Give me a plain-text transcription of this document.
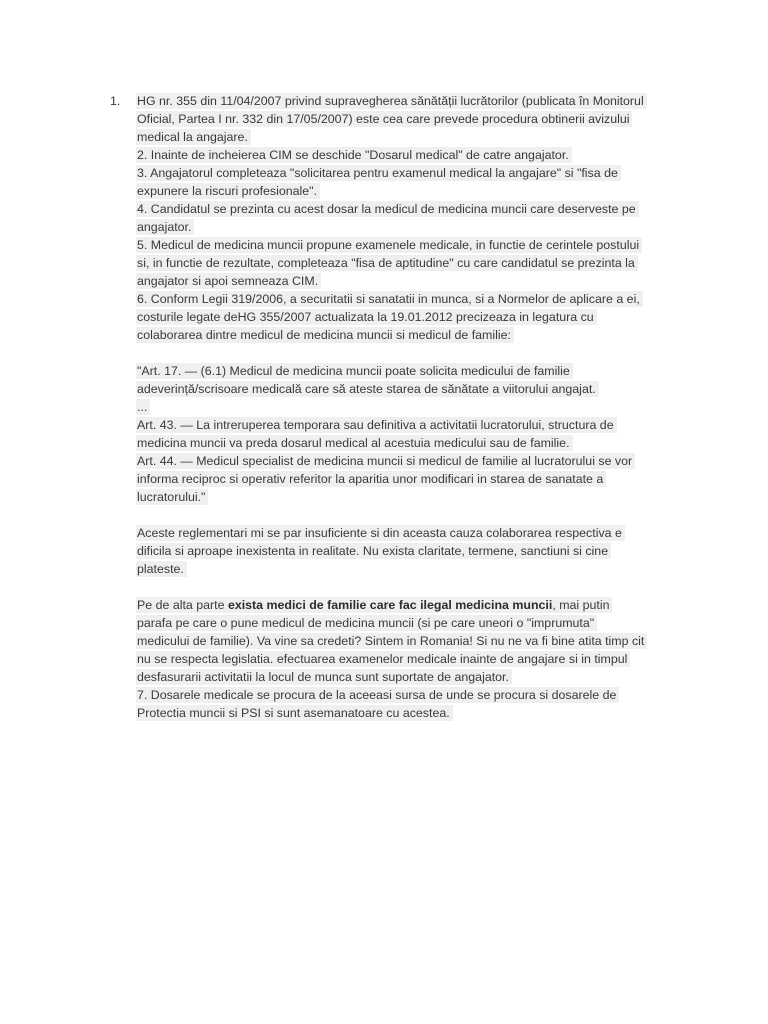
1. HG nr. 355 din 11/04/2007 privind supravegherea sănătății lucrătorilor (publicata în Monitorul
Oficial, Partea I nr. 332 din 17/05/2007) este cea care prevede procedura obtinerii avizului
medical la angajare.
2. Inainte de incheierea CIM se deschide "Dosarul medical" de catre angajator.
3. Angajatorul completeaza "solicitarea pentru examenul medical la angajare" si "fisa de
expunere la riscuri profesionale".
4. Candidatul se prezinta cu acest dosar la medicul de medicina muncii care deserveste pe
angajator.
5. Medicul de medicina muncii propune examenele medicale, in functie de cerintele postului
si, in functie de rezultate, completeaza "fisa de aptitudine" cu care candidatul se prezinta la
angajator si apoi semneaza CIM.
6. Conform Legii 319/2006, a securitatii si sanatatii in munca, si a Normelor de aplicare a ei,
costurile legate deHG 355/2007 actualizata la 19.01.2012 precizeaza in legatura cu
colaborarea dintre medicul de medicina muncii si medicul de familie:
"Art. 17. — (6.1) Medicul de medicina muncii poate solicita medicului de familie
adeverință/scrisoare medicală care să ateste starea de sănătate a viitorului angajat.
...
Art. 43. — La intreruperea temporara sau definitiva a activitatii lucratorului, structura de
medicina muncii va preda dosarul medical al acestuia medicului sau de familie.
Art. 44. — Medicul specialist de medicina muncii si medicul de familie al lucratorului se vor
informa reciproc si operativ referitor la aparitia unor modificari in starea de sanatate a
lucratorului."
Aceste reglementari mi se par insuficiente si din aceasta cauza colaborarea respectiva e
dificila si aproape inexistenta in realitate. Nu exista claritate, termene, sanctiuni si cine
plateste.
Pe de alta parte exista medici de familie care fac ilegal medicina muncii, mai putin
parafa pe care o pune medicul de medicina muncii (si pe care uneori o "imprumuta"
medicului de familie). Va vine sa credeti? Sintem in Romania! Si nu ne va fi bine atita timp cit
nu se respecta legislatia. efectuarea examenelor medicale inainte de angajare si in timpul
desfasurarii activitatii la locul de munca sunt suportate de angajator.
7. Dosarele medicale se procura de la aceeasi sursa de unde se procura si dosarele de
Protectia muncii si PSI si sunt asemanatoare cu acestea.
